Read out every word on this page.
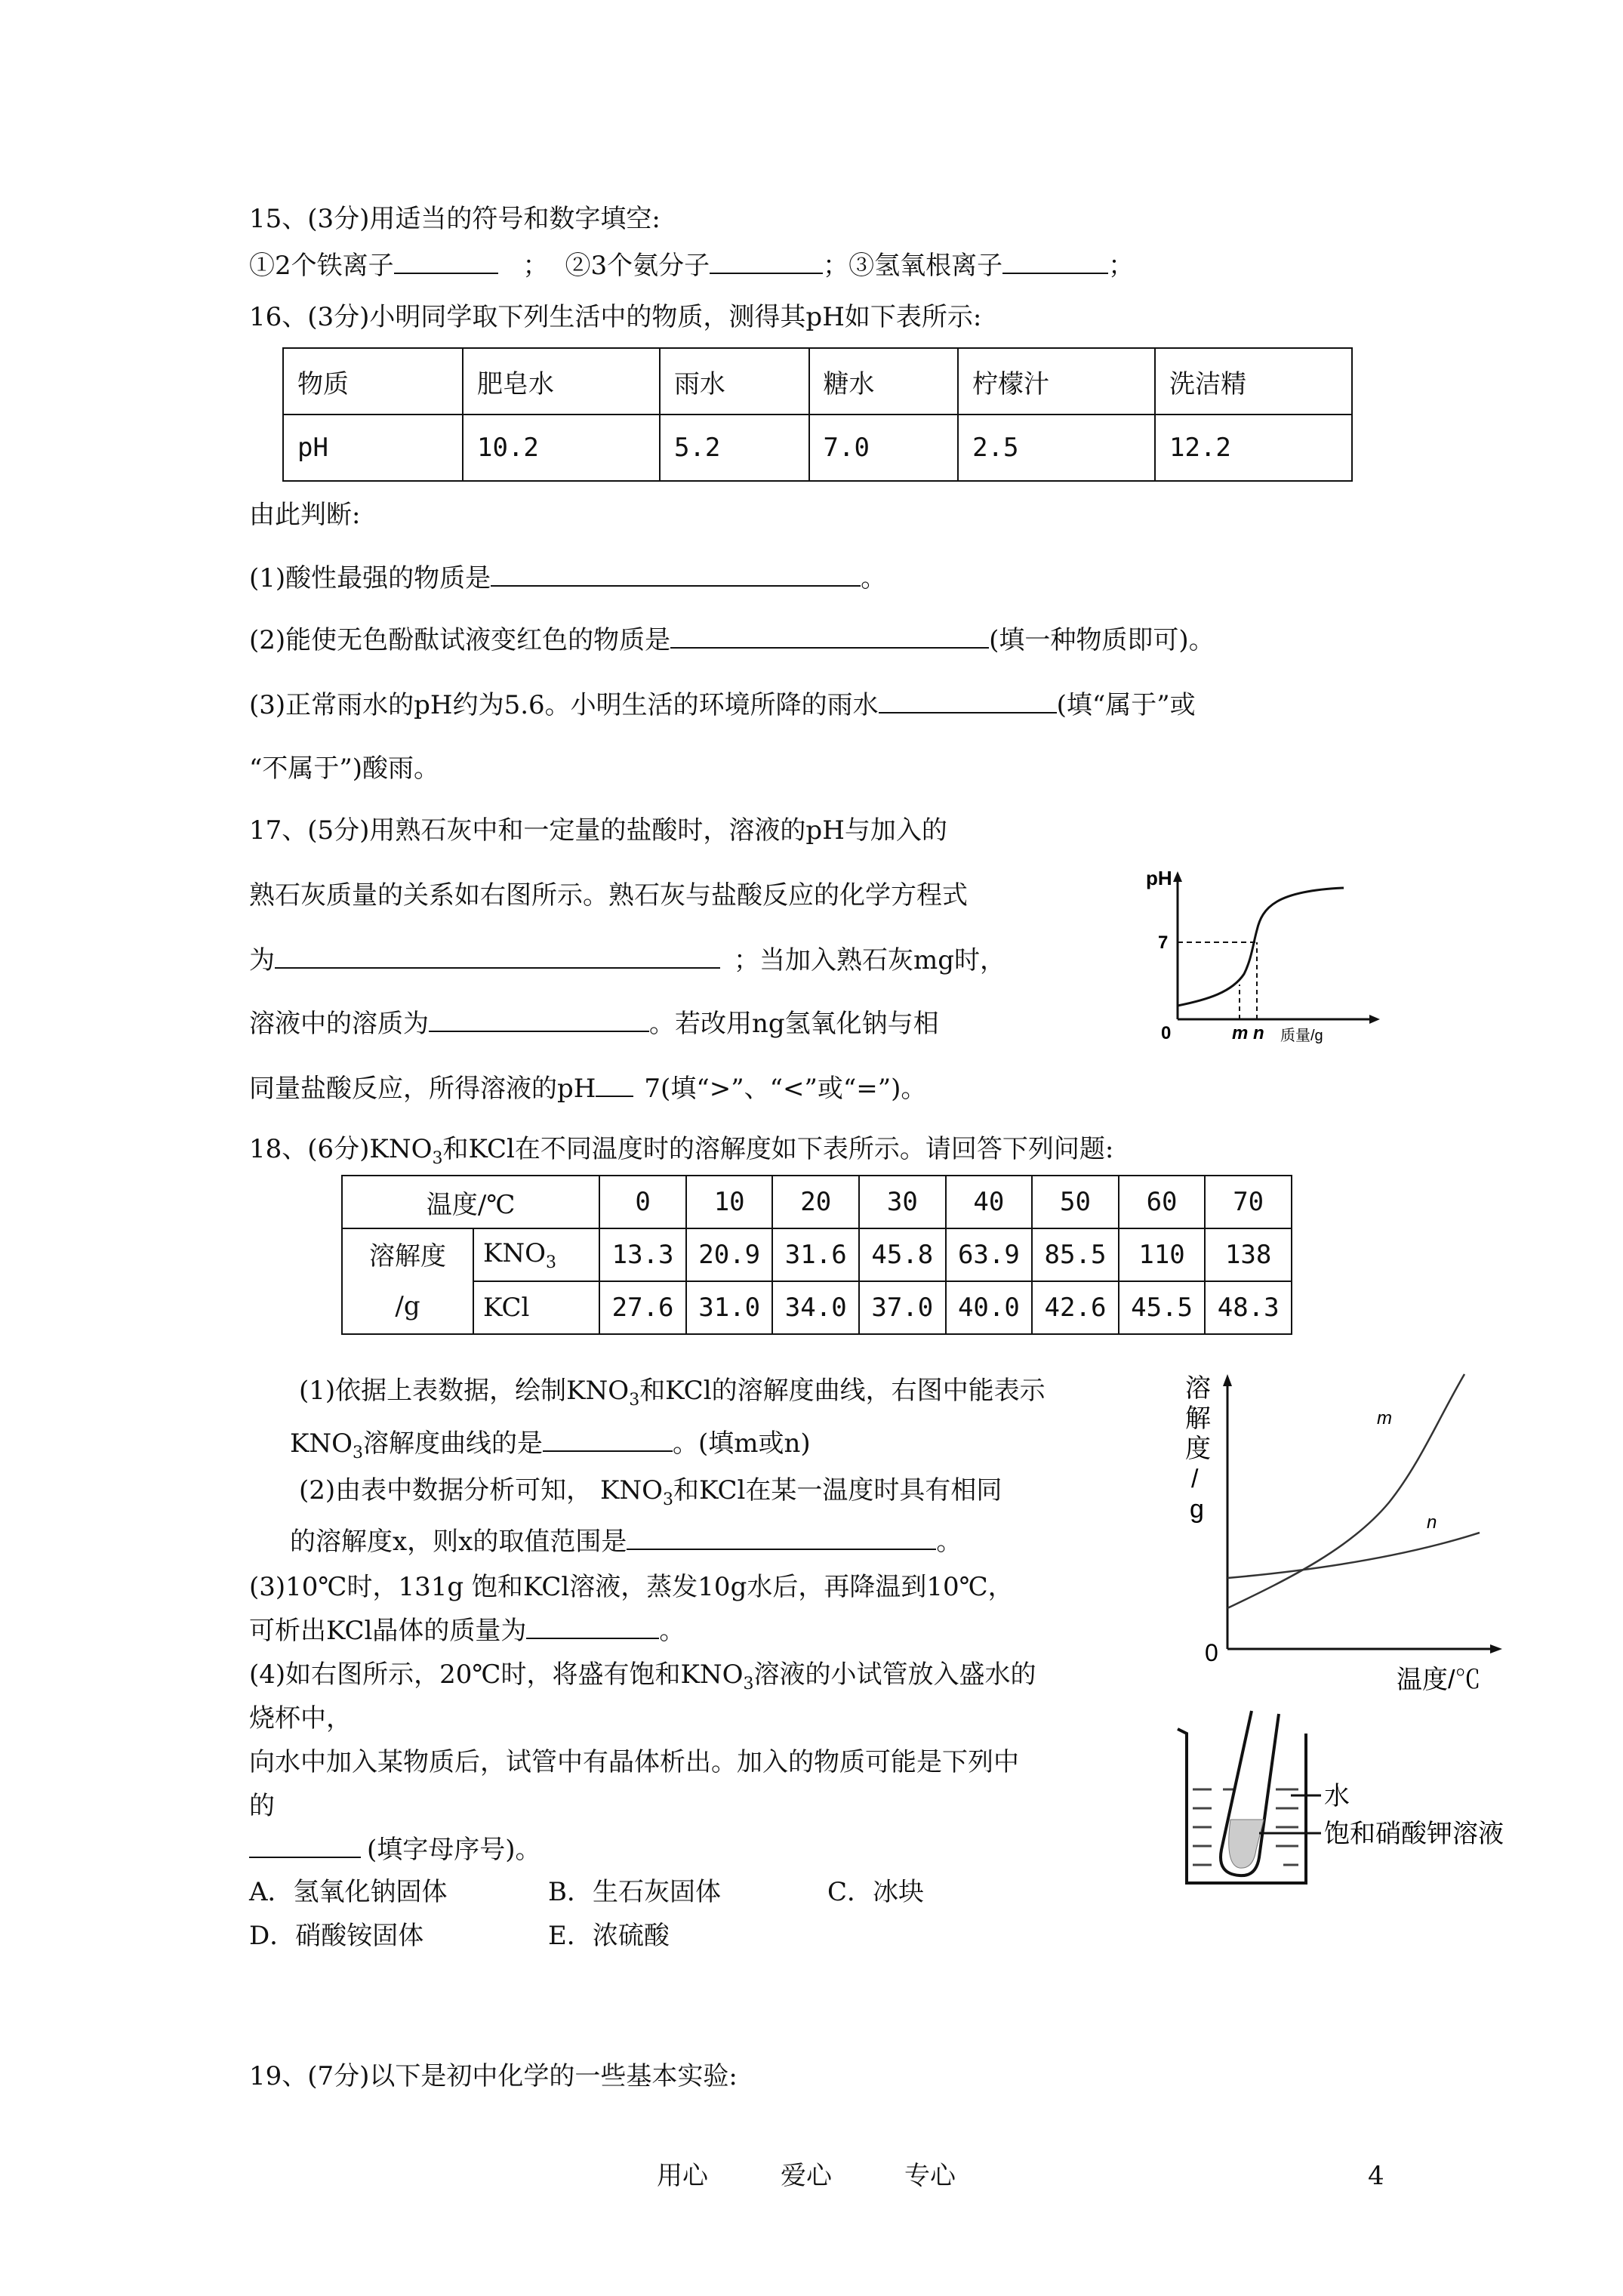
15、(3分)用适当的符号和数字填空:
①2个铁离子	； ②3个氨分子	；③氢氧根离子	；
16、(3分)小明同学取下列生活中的物质，测得其pH如下表所示:
物质	肥皂水	雨水	糖水	柠檬汁	洗洁精
pH	10.2	5.2	7.0	2.5	12.2
由此判断:
(1)酸性最强的物质是	。
(2)能使无色酚酞试液变红色的物质是	(填一种物质即可)。
(3)正常雨水的pH约为5.6。小明生活的环境所降的雨水	(填“属于”或
“不属于”)酸雨。
17、(5分)用熟石灰中和一定量的盐酸时，溶液的pH与加入的
熟石灰质量的关系如右图所示。熟石灰与盐酸反应的化学方程式
为	；当加入熟石灰mg时，
溶液中的溶质为	。若改用ng氢氧化钠与相
同量盐酸反应，所得溶液的pH 7(填“>”、“<”或“=”)。
pH
7
0	m n 质量/g
18、(6分)$KNO_3$和KCl在不同温度时的溶解度如下表所示。请回答下列问题:
温度/℃		0	10	20	30	40	50	60	70
溶解度
/g	$KNO_3$	13.3	20.9	31.6	45.8	63.9	85.5	110	138
	KCl	27.6	31.0	34.0	37.0	40.0	42.6	45.5	48.3
(1)依据上表数据，绘制$KNO_3$和KCl的溶解度曲线，右图中能表示
$KNO_3$溶解度曲线的是	。(填m或n)
(2)由表中数据分析可知， $KNO_3$和KCl在某一温度时具有相同
的溶解度x，则x的取值范围是	。
(3)10℃时，131g 饱和KCl溶液，蒸发10g水后，再降温到10℃，
可析出KCl晶体的质量为	。
(4)如右图所示，20℃时，将盛有饱和$KNO_3$溶液的小试管放入盛水的
烧杯中，
向水中加入某物质后，试管中有晶体析出。加入的物质可能是下列中
的
(填字母序号)。
A．氢氧化钠固体	B．生石灰固体	C．冰块
D．硝酸铵固体	E．浓硫酸
溶
解
度
/
g
m
n
0
温度/℃
水
饱和硝酸钾溶液
19、(7分)以下是初中化学的一些基本实验:
用心	爱心	专心	4
